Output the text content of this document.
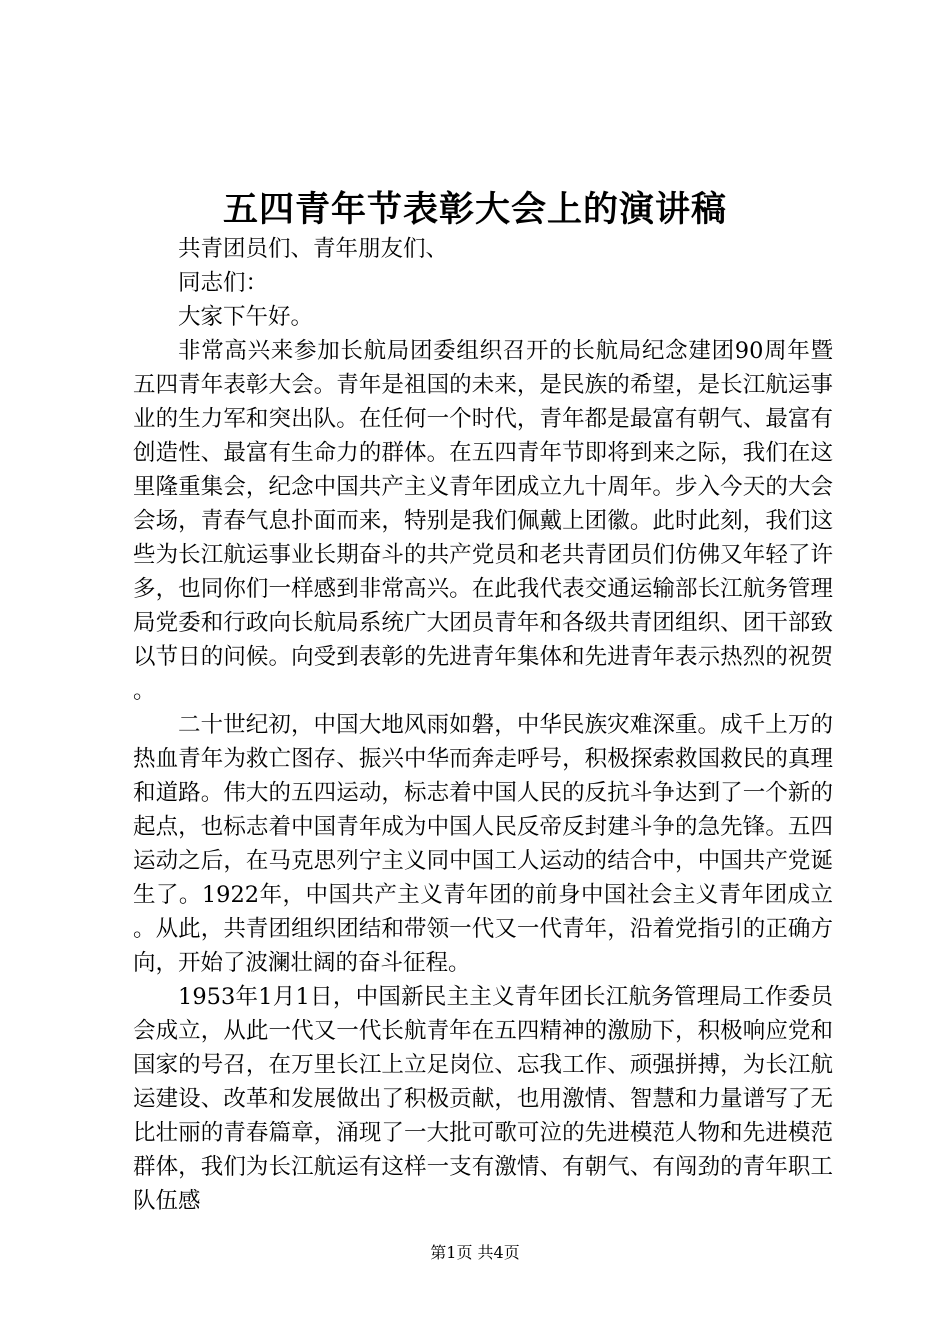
五四青年节表彰大会上的演讲稿

共青团员们、青年朋友们、

同志们：

大家下午好。

非常高兴来参加长航局团委组织召开的长航局纪念建团90周年暨五四青年表彰大会。青年是祖国的未来，是民族的希望，是长江航运事业的生力军和突出队。在任何一个时代，青年都是最富有朝气、最富有创造性、最富有生命力的群体。在五四青年节即将到来之际，我们在这里隆重集会，纪念中国共产主义青年团成立九十周年。步入今天的大会会场，青春气息扑面而来，特别是我们佩戴上团徽。此时此刻，我们这些为长江航运事业长期奋斗的共产党员和老共青团员们仿佛又年轻了许多，也同你们一样感到非常高兴。在此我代表交通运输部长江航务管理局党委和行政向长航局系统广大团员青年和各级共青团组织、团干部致以节日的问候。向受到表彰的先进青年集体和先进青年表示热烈的祝贺。

二十世纪初，中国大地风雨如磐，中华民族灾难深重。成千上万的热血青年为救亡图存、振兴中华而奔走呼号，积极探索救国救民的真理和道路。伟大的五四运动，标志着中国人民的反抗斗争达到了一个新的起点，也标志着中国青年成为中国人民反帝反封建斗争的急先锋。五四运动之后，在马克思列宁主义同中国工人运动的结合中，中国共产党诞生了。1922年，中国共产主义青年团的前身中国社会主义青年团成立。从此，共青团组织团结和带领一代又一代青年，沿着党指引的正确方向，开始了波澜壮阔的奋斗征程。

1953年1月1日，中国新民主主义青年团长江航务管理局工作委员会成立，从此一代又一代长航青年在五四精神的激励下，积极响应党和国家的号召，在万里长江上立足岗位、忘我工作、顽强拼搏，为长江航运建设、改革和发展做出了积极贡献，也用激情、智慧和力量谱写了无比壮丽的青春篇章，涌现了一大批可歌可泣的先进模范人物和先进模范群体，我们为长江航运有这样一支有激情、有朝气、有闯劲的青年职工队伍感

第1页 共4页
